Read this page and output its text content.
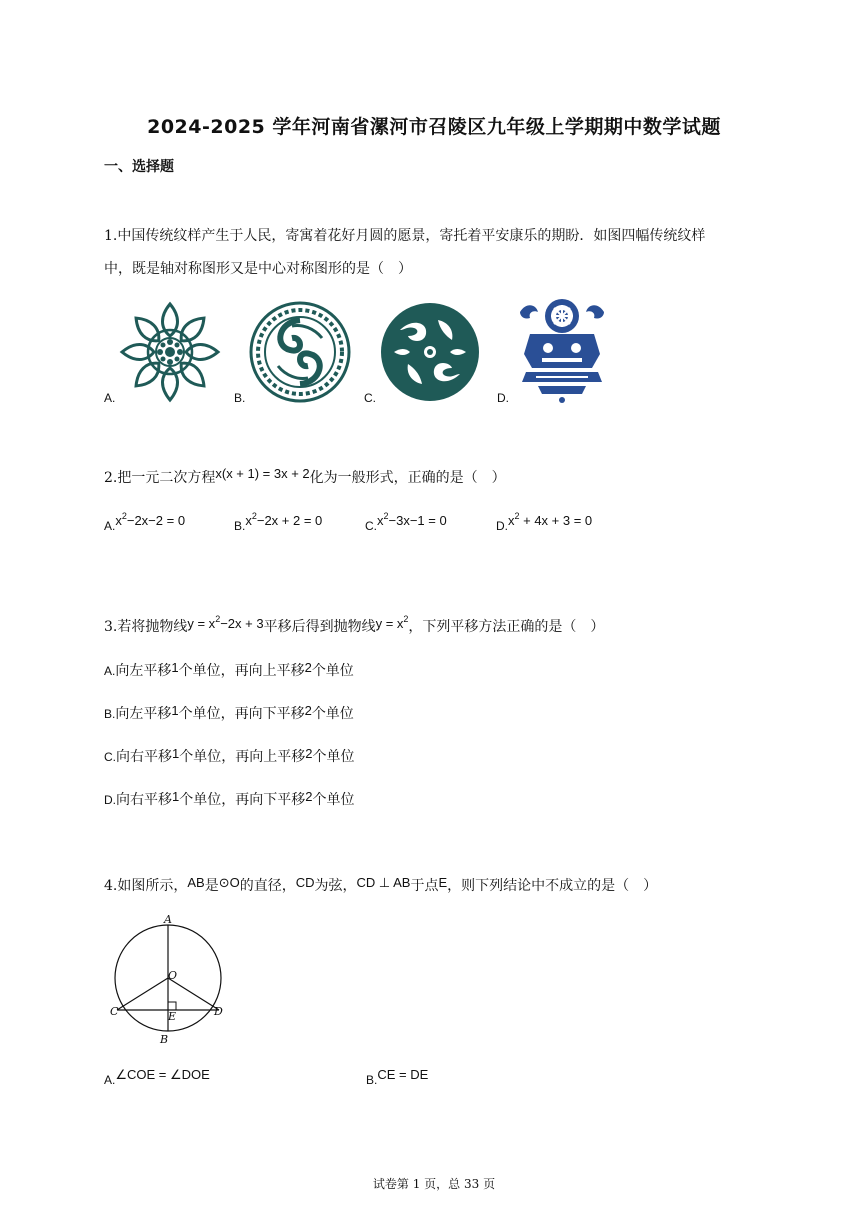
2024-2025 学年河南省漯河市召陵区九年级上学期期中数学试题
一、选择题
1.中国传统纹样产生于人民，寄寓着花好月圆的愿景，寄托着平安康乐的期盼．如图四幅传统纹样
中，既是轴对称图形又是中心对称图形的是（　）
A.	B.	C.	D.
2.把一元二次方程x(x + 1) = 3x + 2化为一般形式，正确的是（　）
$A.x^2-2x-2 = 0$	$B.x^2-2x + 2 = 0$	$C.x^2-3x-1 = 0$	$D.x^2 + 4x + 3 = 0$
3.若将抛物线$y = x^2-2x + 3$平移后得到抛物线$y = x^2$，下列平移方法正确的是（　）
A.向左平移1个单位，再向上平移2个单位
B.向左平移1个单位，再向下平移2个单位
C.向右平移1个单位，再向上平移2个单位
D.向右平移1个单位，再向下平移2个单位
4.如图所示，AB是⊙O的直径，CD为弦，CD ⊥ AB于点E，则下列结论中不成立的是（　）
A
O
C	D
E
B
A.∠COE = ∠DOE	B.CE = DE
试卷第 1 页，总 33 页
